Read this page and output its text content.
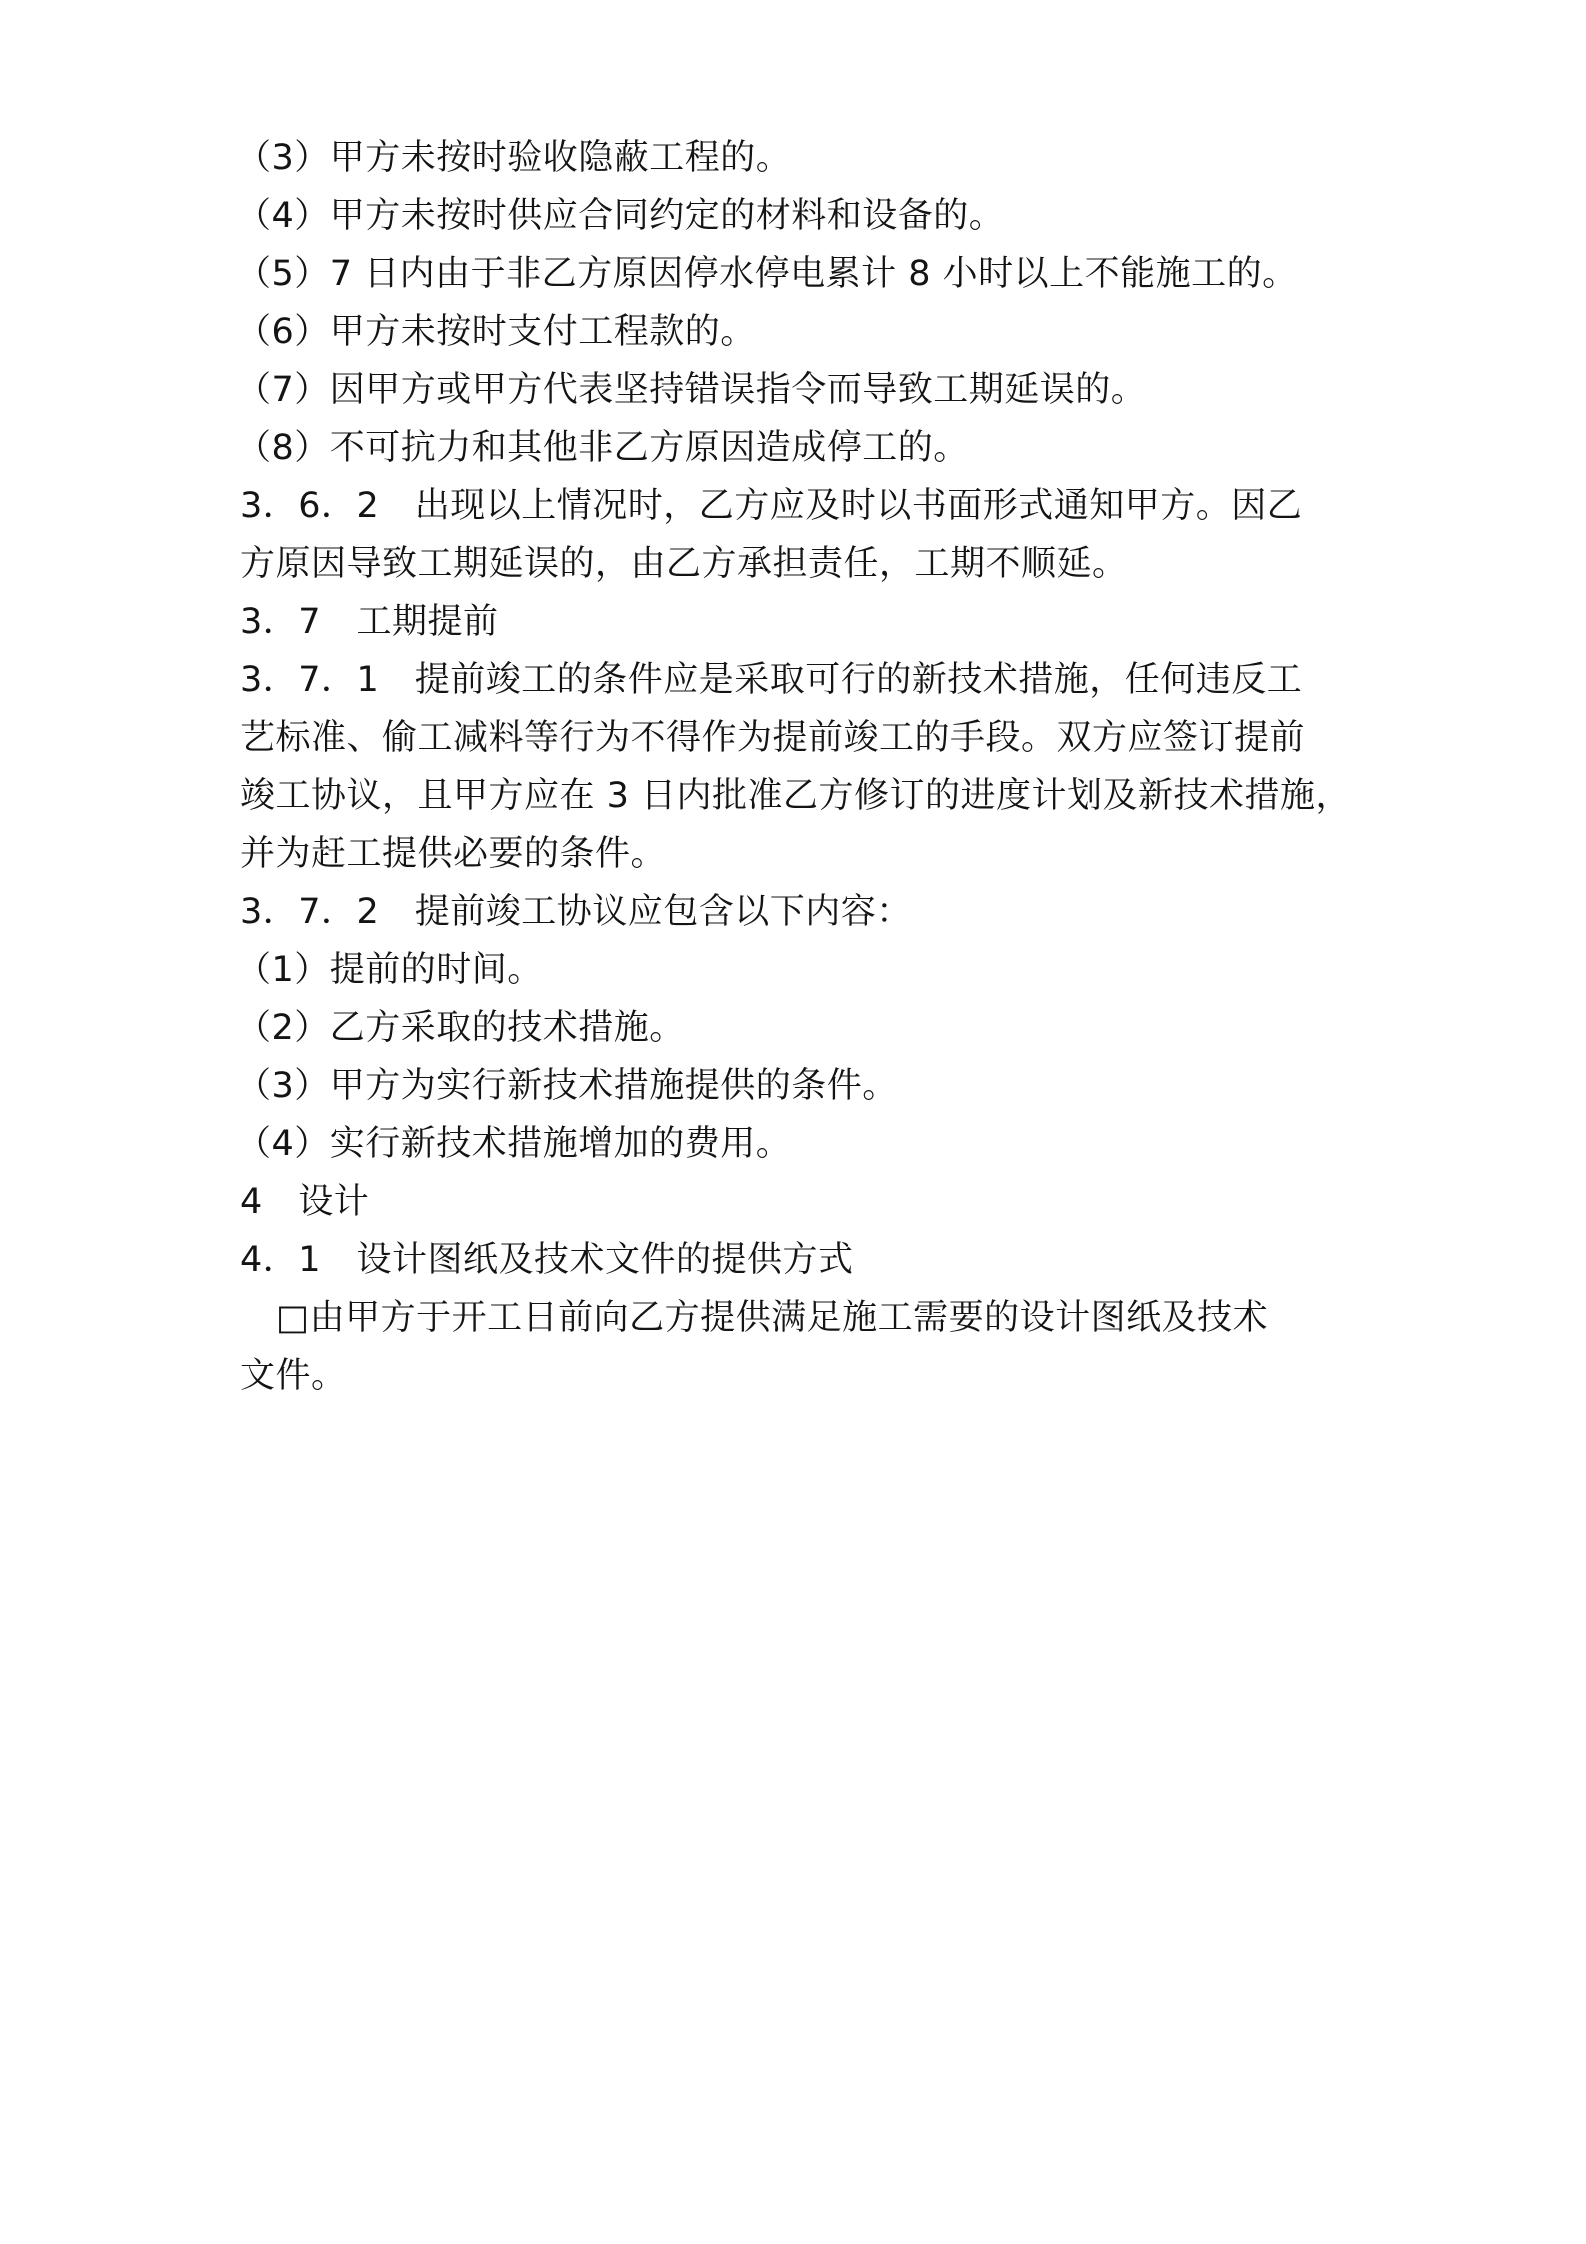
（3）甲方未按时验收隐蔽工程的。
（4）甲方未按时供应合同约定的材料和设备的。
（5）7 日内由于非乙方原因停水停电累计 8 小时以上不能施工的。
（6）甲方未按时支付工程款的。
（7）因甲方或甲方代表坚持错误指令而导致工期延误的。
（8）不可抗力和其他非乙方原因造成停工的。
3．6．2　出现以上情况时，乙方应及时以书面形式通知甲方。因乙
方原因导致工期延误的，由乙方承担责任，工期不顺延。
3．7　工期提前
3．7．1　提前竣工的条件应是采取可行的新技术措施，任何违反工
艺标准、偷工减料等行为不得作为提前竣工的手段。双方应签订提前
竣工协议，且甲方应在 3 日内批准乙方修订的进度计划及新技术措施，
并为赶工提供必要的条件。
3．7．2　提前竣工协议应包含以下内容：
（1）提前的时间。
（2）乙方采取的技术措施。
（3）甲方为实行新技术措施提供的条件。
（4）实行新技术措施增加的费用。
4　设计
4．1　设计图纸及技术文件的提供方式
□由甲方于开工日前向乙方提供满足施工需要的设计图纸及技术
文件。
